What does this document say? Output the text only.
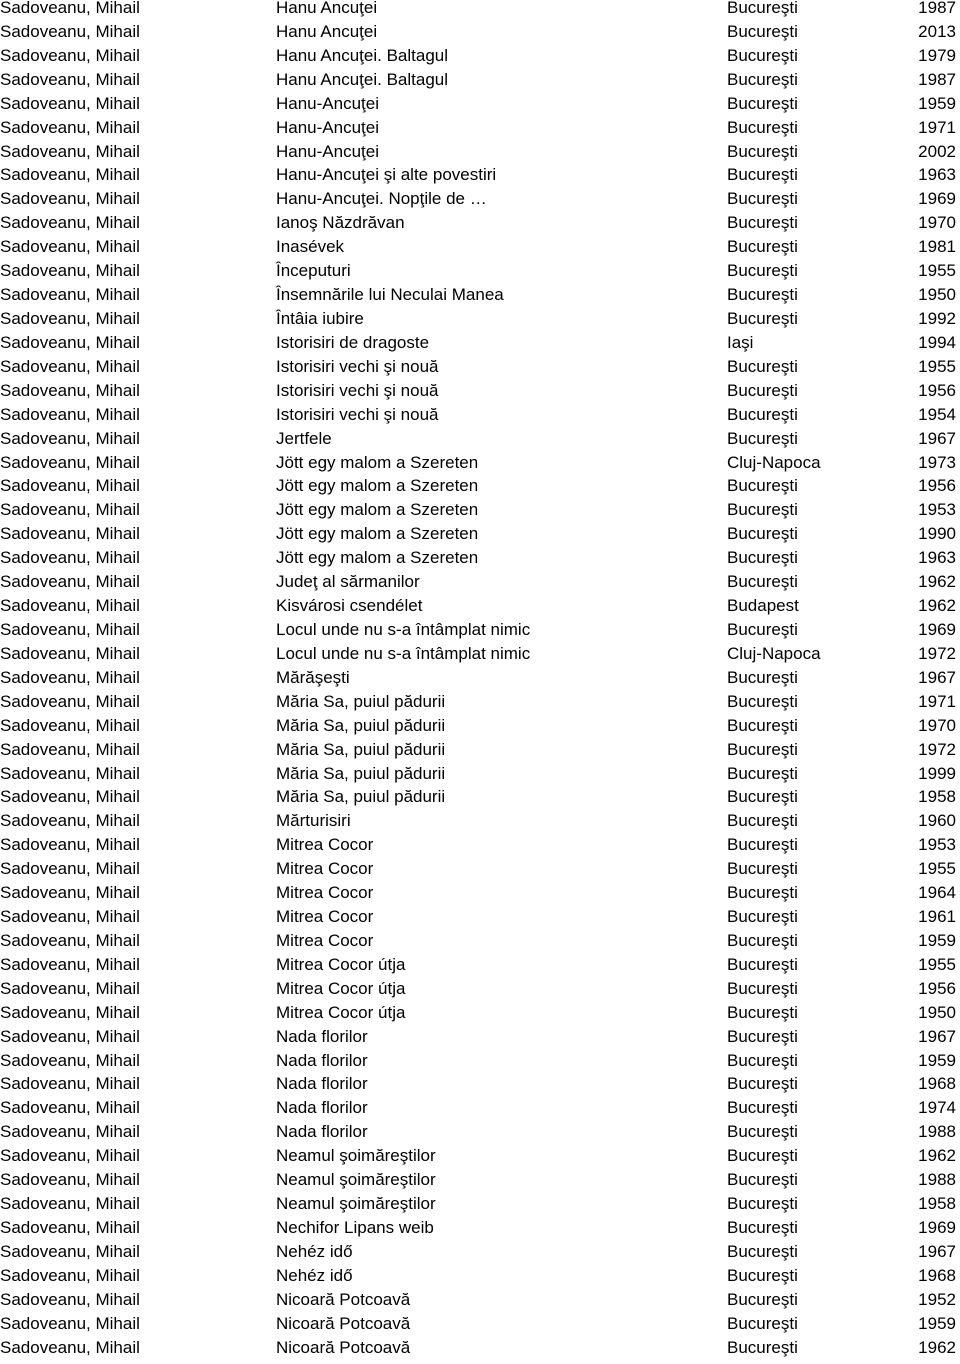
Sadoveanu, Mihail	Hanu Ancuţei	Bucureşti	1987
Sadoveanu, Mihail	Hanu Ancuţei	Bucureşti	2013
Sadoveanu, Mihail	Hanu Ancuţei. Baltagul	Bucureşti	1979
Sadoveanu, Mihail	Hanu Ancuţei. Baltagul	Bucureşti	1987
Sadoveanu, Mihail	Hanu-Ancuţei	Bucureşti	1959
Sadoveanu, Mihail	Hanu-Ancuţei	Bucureşti	1971
Sadoveanu, Mihail	Hanu-Ancuţei	Bucureşti	2002
Sadoveanu, Mihail	Hanu-Ancuţei şi alte povestiri	Bucureşti	1963
Sadoveanu, Mihail	Hanu-Ancuţei. Nopţile de …	Bucureşti	1969
Sadoveanu, Mihail	Ianoş Năzdrăvan	Bucureşti	1970
Sadoveanu, Mihail	Inasévek	Bucureşti	1981
Sadoveanu, Mihail	Începuturi	Bucureşti	1955
Sadoveanu, Mihail	Însemnările lui Neculai Manea	Bucureşti	1950
Sadoveanu, Mihail	Întâia iubire	Bucureşti	1992
Sadoveanu, Mihail	Istorisiri de dragoste	Iaşi	1994
Sadoveanu, Mihail	Istorisiri vechi şi nouă	Bucureşti	1955
Sadoveanu, Mihail	Istorisiri vechi şi nouă	Bucureşti	1956
Sadoveanu, Mihail	Istorisiri vechi şi nouă	Bucureşti	1954
Sadoveanu, Mihail	Jertfele	Bucureşti	1967
Sadoveanu, Mihail	Jött egy malom a Szereten	Cluj-Napoca	1973
Sadoveanu, Mihail	Jött egy malom a Szereten	Bucureşti	1956
Sadoveanu, Mihail	Jött egy malom a Szereten	Bucureşti	1953
Sadoveanu, Mihail	Jött egy malom a Szereten	Bucureşti	1990
Sadoveanu, Mihail	Jött egy malom a Szereten	Bucureşti	1963
Sadoveanu, Mihail	Judeţ al sărmanilor	Bucureşti	1962
Sadoveanu, Mihail	Kisvárosi csendélet	Budapest	1962
Sadoveanu, Mihail	Locul unde nu s-a întâmplat nimic	Bucureşti	1969
Sadoveanu, Mihail	Locul unde nu s-a întâmplat nimic	Cluj-Napoca	1972
Sadoveanu, Mihail	Mărăşeşti	Bucureşti	1967
Sadoveanu, Mihail	Măria Sa, puiul pădurii	Bucureşti	1971
Sadoveanu, Mihail	Măria Sa, puiul pădurii	Bucureşti	1970
Sadoveanu, Mihail	Măria Sa, puiul pădurii	Bucureşti	1972
Sadoveanu, Mihail	Măria Sa, puiul pădurii	Bucureşti	1999
Sadoveanu, Mihail	Măria Sa, puiul pădurii	Bucureşti	1958
Sadoveanu, Mihail	Mărturisiri	Bucureşti	1960
Sadoveanu, Mihail	Mitrea Cocor	Bucureşti	1953
Sadoveanu, Mihail	Mitrea Cocor	Bucureşti	1955
Sadoveanu, Mihail	Mitrea Cocor	Bucureşti	1964
Sadoveanu, Mihail	Mitrea Cocor	Bucureşti	1961
Sadoveanu, Mihail	Mitrea Cocor	Bucureşti	1959
Sadoveanu, Mihail	Mitrea Cocor útja	Bucureşti	1955
Sadoveanu, Mihail	Mitrea Cocor útja	Bucureşti	1956
Sadoveanu, Mihail	Mitrea Cocor útja	Bucureşti	1950
Sadoveanu, Mihail	Nada florilor	Bucureşti	1967
Sadoveanu, Mihail	Nada florilor	Bucureşti	1959
Sadoveanu, Mihail	Nada florilor	Bucureşti	1968
Sadoveanu, Mihail	Nada florilor	Bucureşti	1974
Sadoveanu, Mihail	Nada florilor	Bucureşti	1988
Sadoveanu, Mihail	Neamul şoimăreştilor	Bucureşti	1962
Sadoveanu, Mihail	Neamul şoimăreştilor	Bucureşti	1988
Sadoveanu, Mihail	Neamul şoimăreştilor	Bucureşti	1958
Sadoveanu, Mihail	Nechifor Lipans weib	Bucureşti	1969
Sadoveanu, Mihail	Nehéz idő	Bucureşti	1967
Sadoveanu, Mihail	Nehéz idő	Bucureşti	1968
Sadoveanu, Mihail	Nicoară Potcoavă	Bucureşti	1952
Sadoveanu, Mihail	Nicoară Potcoavă	Bucureşti	1959
Sadoveanu, Mihail	Nicoară Potcoavă	Bucureşti	1962
